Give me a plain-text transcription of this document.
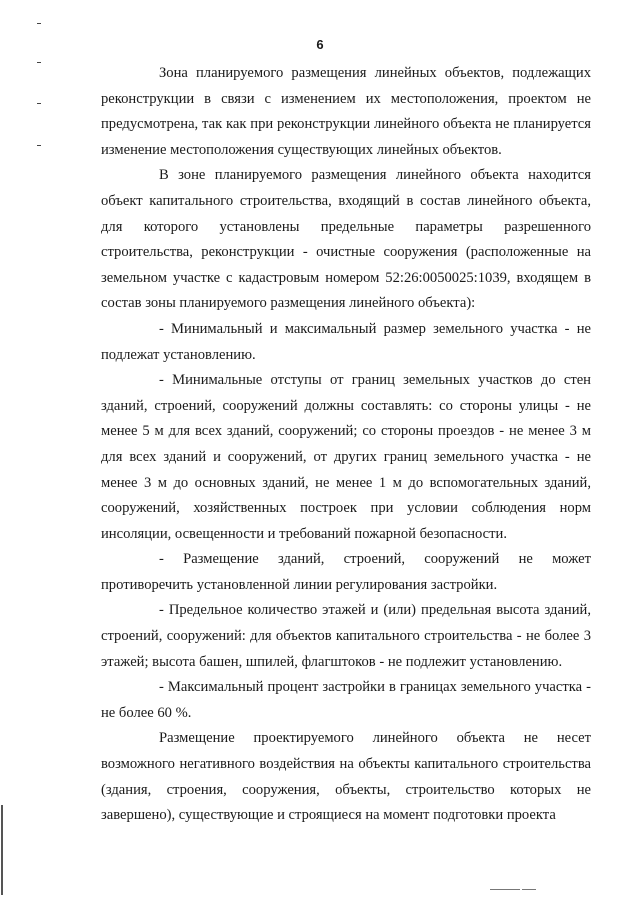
6

Зона планируемого размещения линейных объектов, подлежащих реконструкции в связи с изменением их местоположения, проектом не предусмотрена, так как при реконструкции линейного объекта не планируется изменение местоположения существующих линейных объектов.

В зоне планируемого размещения линейного объекта находится объект капитального строительства, входящий в состав линейного объекта, для которого установлены предельные параметры разрешенного строительства, реконструкции - очистные сооружения (расположенные на земельном участке с кадастровым номером 52:26:0050025:1039, входящем в состав зоны планируемого размещения линейного объекта):

- Минимальный и максимальный размер земельного участка - не подлежат установлению.

- Минимальные отступы от границ земельных участков до стен зданий, строений, сооружений должны составлять: со стороны улицы - не менее 5 м для всех зданий, сооружений; со стороны проездов - не менее 3 м для всех зданий и сооружений, от других границ земельного участка - не менее 3 м до основных зданий, не менее 1 м до вспомогательных зданий, сооружений, хозяйственных построек при условии соблюдения норм инсоляции, освещенности и требований пожарной безопасности.

- Размещение зданий, строений, сооружений не может противоречить установленной линии регулирования застройки.

- Предельное количество этажей и (или) предельная высота зданий, строений, сооружений: для объектов капитального строительства - не более 3 этажей; высота башен, шпилей, флагштоков - не подлежит установлению.

- Максимальный процент застройки в границах земельного участка - не более 60 %.

Размещение проектируемого линейного объекта не несет возможного негативного воздействия на объекты капитального строительства (здания, строения, сооружения, объекты, строительство которых не завершено), существующие и строящиеся на момент подготовки проекта
